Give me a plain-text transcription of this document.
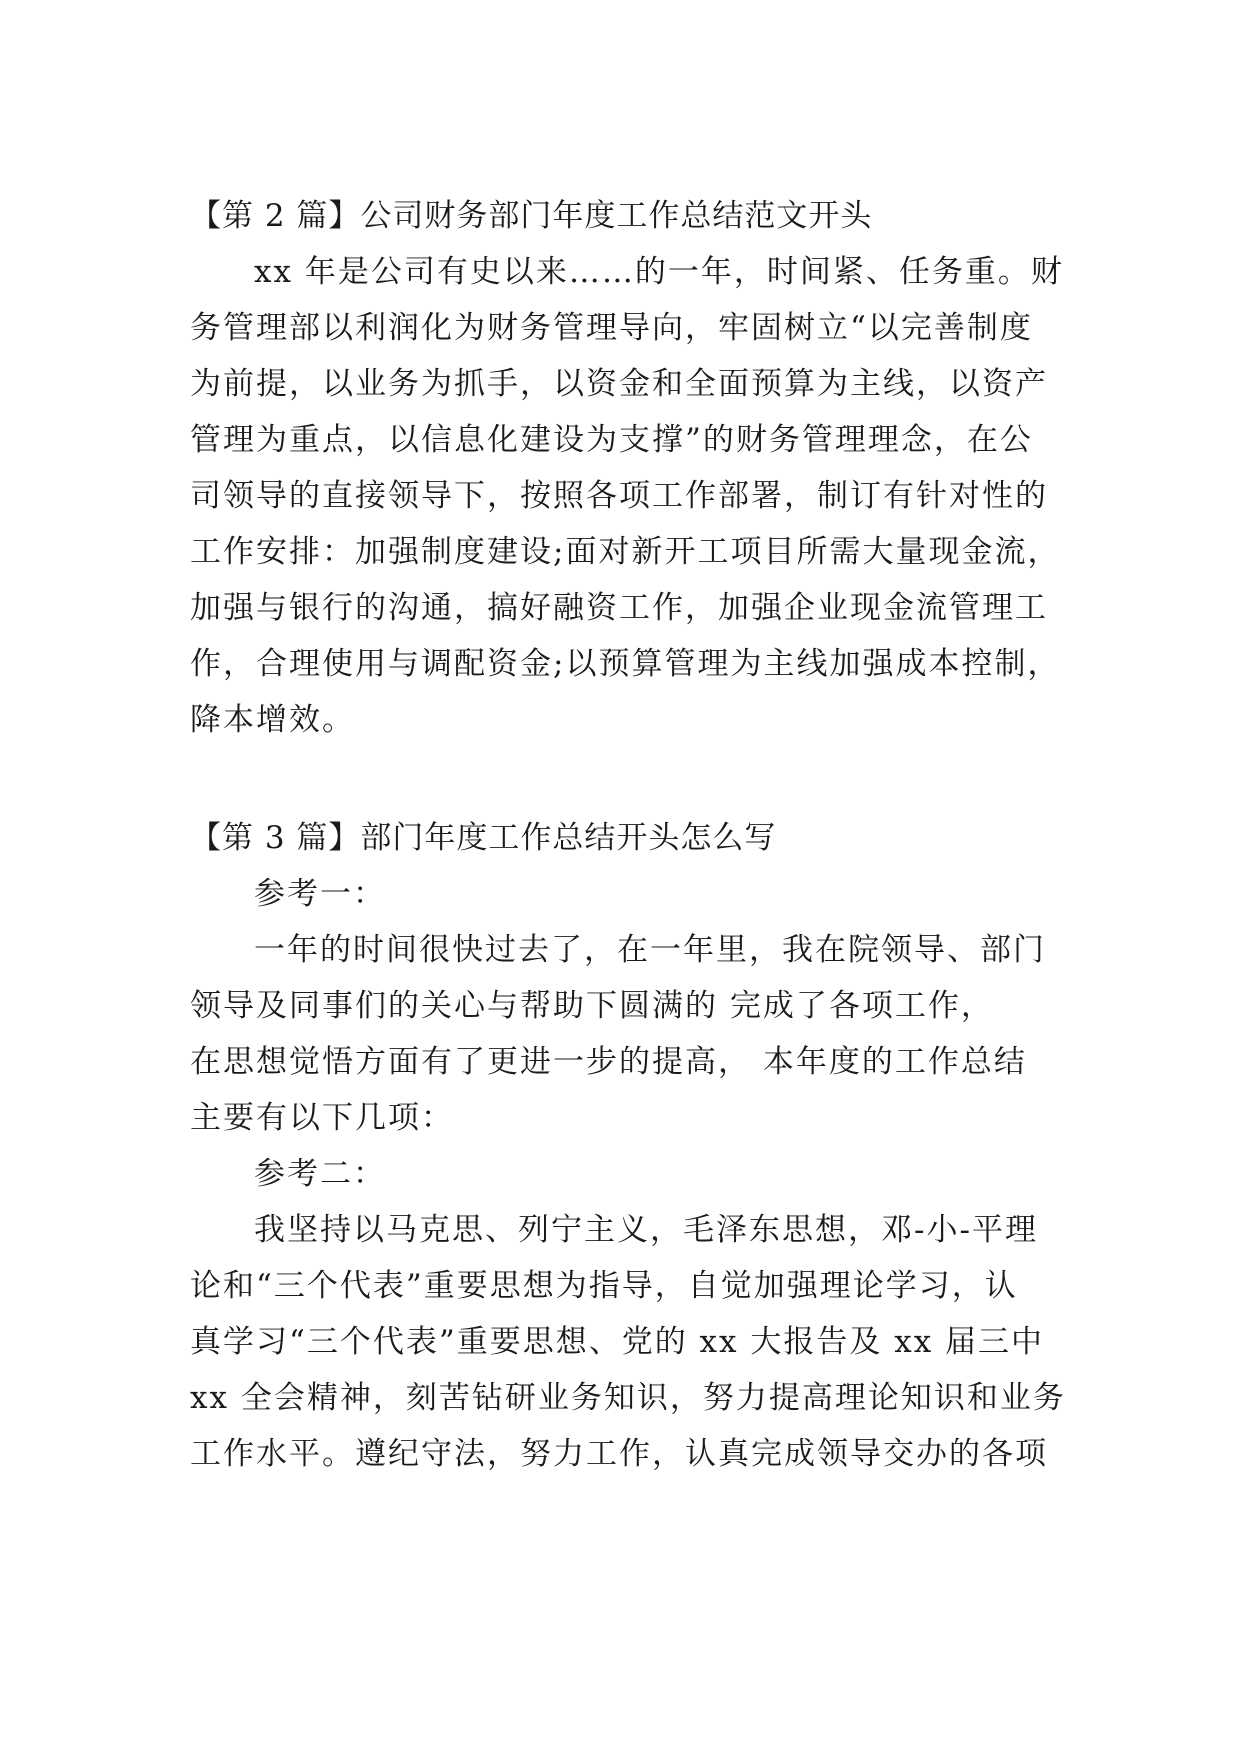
【第 2 篇】公司财务部门年度工作总结范文开头
xx 年是公司有史以来……的一年，时间紧、任务重。财
务管理部以利润化为财务管理导向，牢固树立“以完善制度
为前提，以业务为抓手，以资金和全面预算为主线，以资产
管理为重点，以信息化建设为支撑”的财务管理理念，在公
司领导的直接领导下，按照各项工作部署，制订有针对性的
工作安排：加强制度建设;面对新开工项目所需大量现金流，
加强与银行的沟通，搞好融资工作，加强企业现金流管理工
作，合理使用与调配资金;以预算管理为主线加强成本控制，
降本增效。
【第 3 篇】部门年度工作总结开头怎么写
参考一：
一年的时间很快过去了，在一年里，我在院领导、部门
领导及同事们的关心与帮助下圆满的 完成了各项工作，
在思想觉悟方面有了更进一步的提高， 本年度的工作总结
主要有以下几项：
参考二：
我坚持以马克思、列宁主义，毛泽东思想，邓-小-平理
论和“三个代表”重要思想为指导，自觉加强理论学习，认
真学习“三个代表”重要思想、党的 xx 大报告及 xx 届三中
xx 全会精神，刻苦钻研业务知识，努力提高理论知识和业务
工作水平。遵纪守法，努力工作，认真完成领导交办的各项
